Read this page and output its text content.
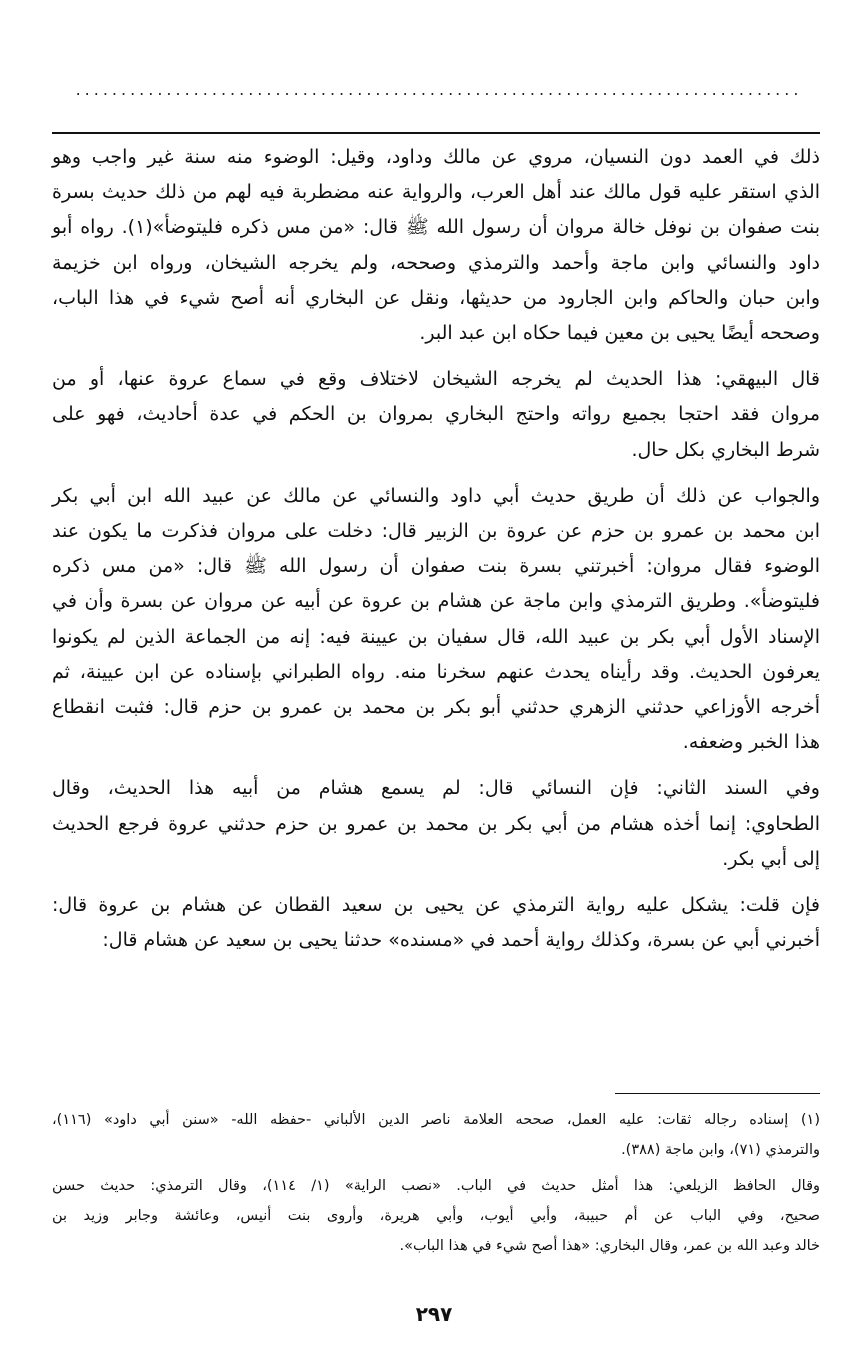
................................................................................

ذلك في العمد دون النسيان، مروي عن مالك وداود، وقيل: الوضوء منه سنة غير واجب وهو
الذي استقر عليه قول مالك عند أهل العرب، والرواية عنه مضطربة فيه لهم من ذلك حديث بسرة
بنت صفوان بن نوفل خالة مروان أن رسول الله ﷺ قال: «من مس ذكره فليتوضأ»(١). رواه أبو
داود والنسائي وابن ماجة وأحمد والترمذي وصححه، ولم يخرجه الشيخان، ورواه ابن خزيمة
وابن حبان والحاكم وابن الجارود من حديثها، ونقل عن البخاري أنه أصح شيء في هذا الباب،
وصححه أيضًا يحيى بن معين فيما حكاه ابن عبد البر.

قال البيهقي: هذا الحديث لم يخرجه الشيخان لاختلاف وقع في سماع عروة عنها، أو من
مروان فقد احتجا بجميع رواته واحتج البخاري بمروان بن الحكم في عدة أحاديث، فهو على
شرط البخاري بكل حال.

والجواب عن ذلك أن طريق حديث أبي داود والنسائي عن مالك عن عبيد الله ابن أبي بكر
ابن محمد بن عمرو بن حزم عن عروة بن الزبير قال: دخلت على مروان فذكرت ما يكون عند
الوضوء فقال مروان: أخبرتني بسرة بنت صفوان أن رسول الله ﷺ قال: «من مس ذكره
فليتوضأ». وطريق الترمذي وابن ماجة عن هشام بن عروة عن أبيه عن مروان عن بسرة وأن في
الإسناد الأول أبي بكر بن عبيد الله، قال سفيان بن عيينة فيه: إنه من الجماعة الذين لم يكونوا
يعرفون الحديث. وقد رأيناه يحدث عنهم سخرنا منه. رواه الطبراني بإسناده عن ابن عيينة، ثم
أخرجه الأوزاعي حدثني الزهري حدثني أبو بكر بن محمد بن عمرو بن حزم قال: فثبت انقطاع
هذا الخبر وضعفه.

وفي السند الثاني: فإن النسائي قال: لم يسمع هشام من أبيه هذا الحديث، وقال
الطحاوي: إنما أخذه هشام من أبي بكر بن محمد بن عمرو بن حزم حدثني عروة فرجع الحديث
إلى أبي بكر.

فإن قلت: يشكل عليه رواية الترمذي عن يحيى بن سعيد القطان عن هشام بن عروة قال:
أخبرني أبي عن بسرة، وكذلك رواية أحمد في «مسنده» حدثنا يحيى بن سعيد عن هشام قال:

(١) إسناده رجاله ثقات: عليه العمل، صححه العلامة ناصر الدين الألباني -حفظه الله- «سنن أبي داود» (١١٦)،
والترمذي (٧١)، وابن ماجة (٣٨٨).
وقال الحافظ الزيلعي: هذا أمثل حديث في الباب. «نصب الراية» (١/ ١١٤)، وقال الترمذي: حديث حسن
صحيح، وفي الباب عن أم حبيبة، وأبي أيوب، وأبي هريرة، وأروى بنت أنيس، وعائشة وجابر وزيد بن
خالد وعبد الله بن عمر، وقال البخاري: «هذا أصح شيء في هذا الباب».
٢٩٧
